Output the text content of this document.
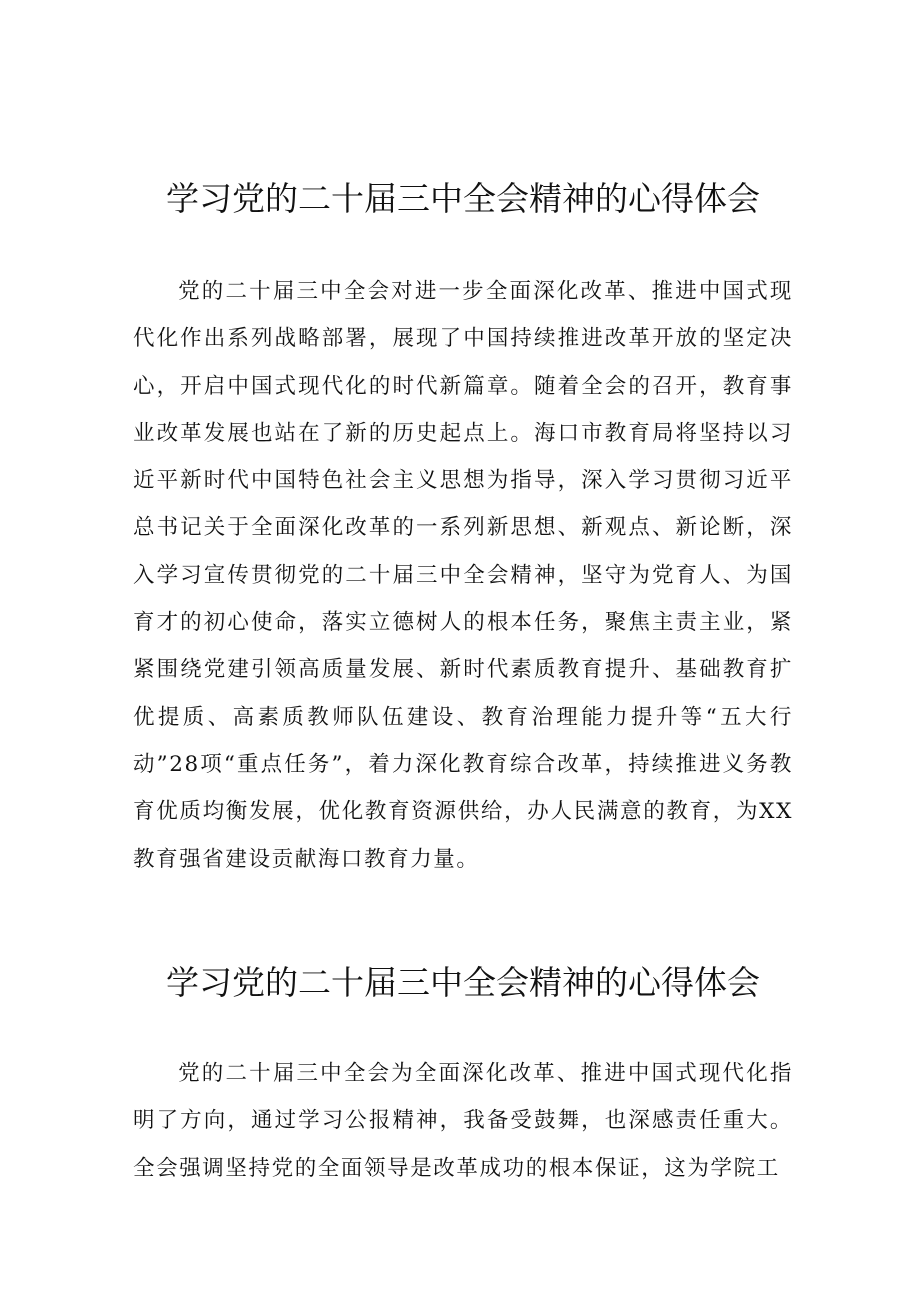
学习党的二十届三中全会精神的心得体会

党的二十届三中全会对进一步全面深化改革、推进中国式现代化作出系列战略部署，展现了中国持续推进改革开放的坚定决心，开启中国式现代化的时代新篇章。随着全会的召开，教育事业改革发展也站在了新的历史起点上。海口市教育局将坚持以习近平新时代中国特色社会主义思想为指导，深入学习贯彻习近平总书记关于全面深化改革的一系列新思想、新观点、新论断，深入学习宣传贯彻党的二十届三中全会精神，坚守为党育人、为国育才的初心使命，落实立德树人的根本任务，聚焦主责主业，紧紧围绕党建引领高质量发展、新时代素质教育提升、基础教育扩优提质、高素质教师队伍建设、教育治理能力提升等“五大行动”28项“重点任务”，着力深化教育综合改革，持续推进义务教育优质均衡发展，优化教育资源供给，办人民满意的教育，为XX教育强省建设贡献海口教育力量。

学习党的二十届三中全会精神的心得体会

党的二十届三中全会为全面深化改革、推进中国式现代化指明了方向，通过学习公报精神，我备受鼓舞，也深感责任重大。全会强调坚持党的全面领导是改革成功的根本保证，这为学院工
